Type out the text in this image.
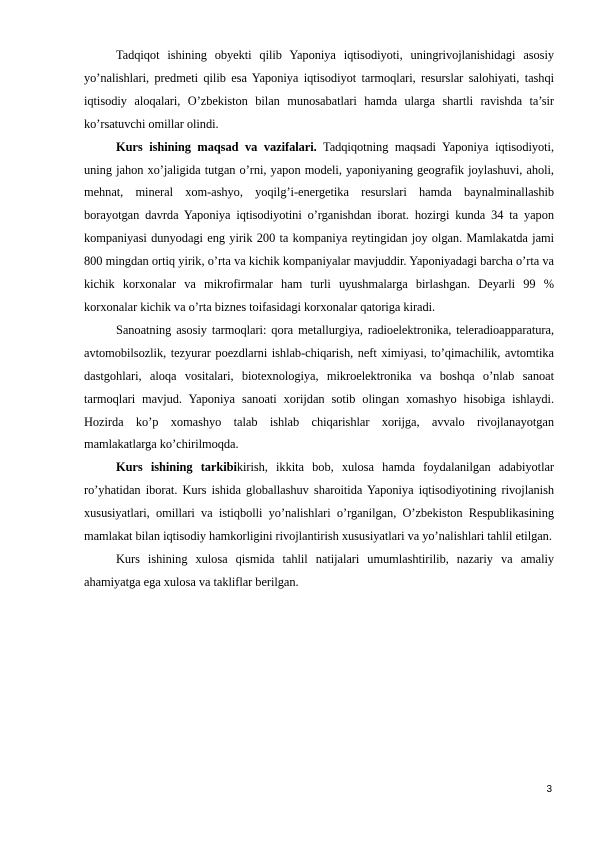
Tadqiqot ishining obyekti qilib Yaponiya iqtisodiyoti, uningrivojlanishidagi asosiy yo’nalishlari, predmeti qilib esa Yaponiya iqtisodiyot tarmoqlari, resurslar salohiyati, tashqi iqtisodiy aloqalari, O’zbekiston bilan munosabatlari hamda ularga shartli ravishda ta’sir ko’rsatuvchi omillar olindi.

Kurs ishining maqsad va vazifalari. Tadqiqotning maqsadi Yaponiya iqtisodiyoti, uning jahon xo’jaligida tutgan o’rni, yapon modeli, yaponiyaning geografik joylashuvi, aholi, mehnat, mineral xom-ashyo, yoqilg’i-energetika resurslari hamda baynalminallashib borayotgan davrda Yaponiya iqtisodiyotini o’rganishdan iborat. hozirgi kunda 34 ta yapon kompaniyasi dunyodagi eng yirik 200 ta kompaniya reytingidan joy olgan. Mamlakatda jami 800 mingdan ortiq yirik, o’rta va kichik kompaniyalar mavjuddir. Yaponiyadagi barcha o’rta va kichik korxonalar va mikrofirmalar ham turli uyushmalarga birlashgan. Deyarli 99 % korxonalar kichik va o’rta biznes toifasidagi korxonalar qatoriga kiradi.

Sanoatning asosiy tarmoqlari: qora metallurgiya, radioelektronika, teleradioapparatura, avtomobilsozlik, tezyurar poezdlarni ishlab-chiqarish, neft ximiyasi, to’qimachilik, avtomtika dastgohlari, aloqa vositalari, biotexnologiya, mikroelektronika va boshqa o’nlab sanoat tarmoqlari mavjud. Yaponiya sanoati xorijdan sotib olingan xomashyo hisobiga ishlaydi. Hozirda ko’p xomashyo talab ishlab chiqarishlar xorijga, avvalo rivojlanayotgan mamlakatlarga ko’chirilmoqda.

Kurs ishining tarkibikirish, ikkita bob, xulosa hamda foydalanilgan adabiyotlar ro’yhatidan iborat. Kurs ishida globallashuv sharoitida Yaponiya iqtisodiyotining rivojlanish xususiyatlari, omillari va istiqbolli yo’nalishlari o’rganilgan, O’zbekiston Respublikasining mamlakat bilan iqtisodiy hamkorligini rivojlantirish xususiyatlari va yo’nalishlari tahlil etilgan.

Kurs ishining xulosa qismida tahlil natijalari umumlashtirilib, nazariy va amaliy ahamiyatga ega xulosa va takliflar berilgan.

3
